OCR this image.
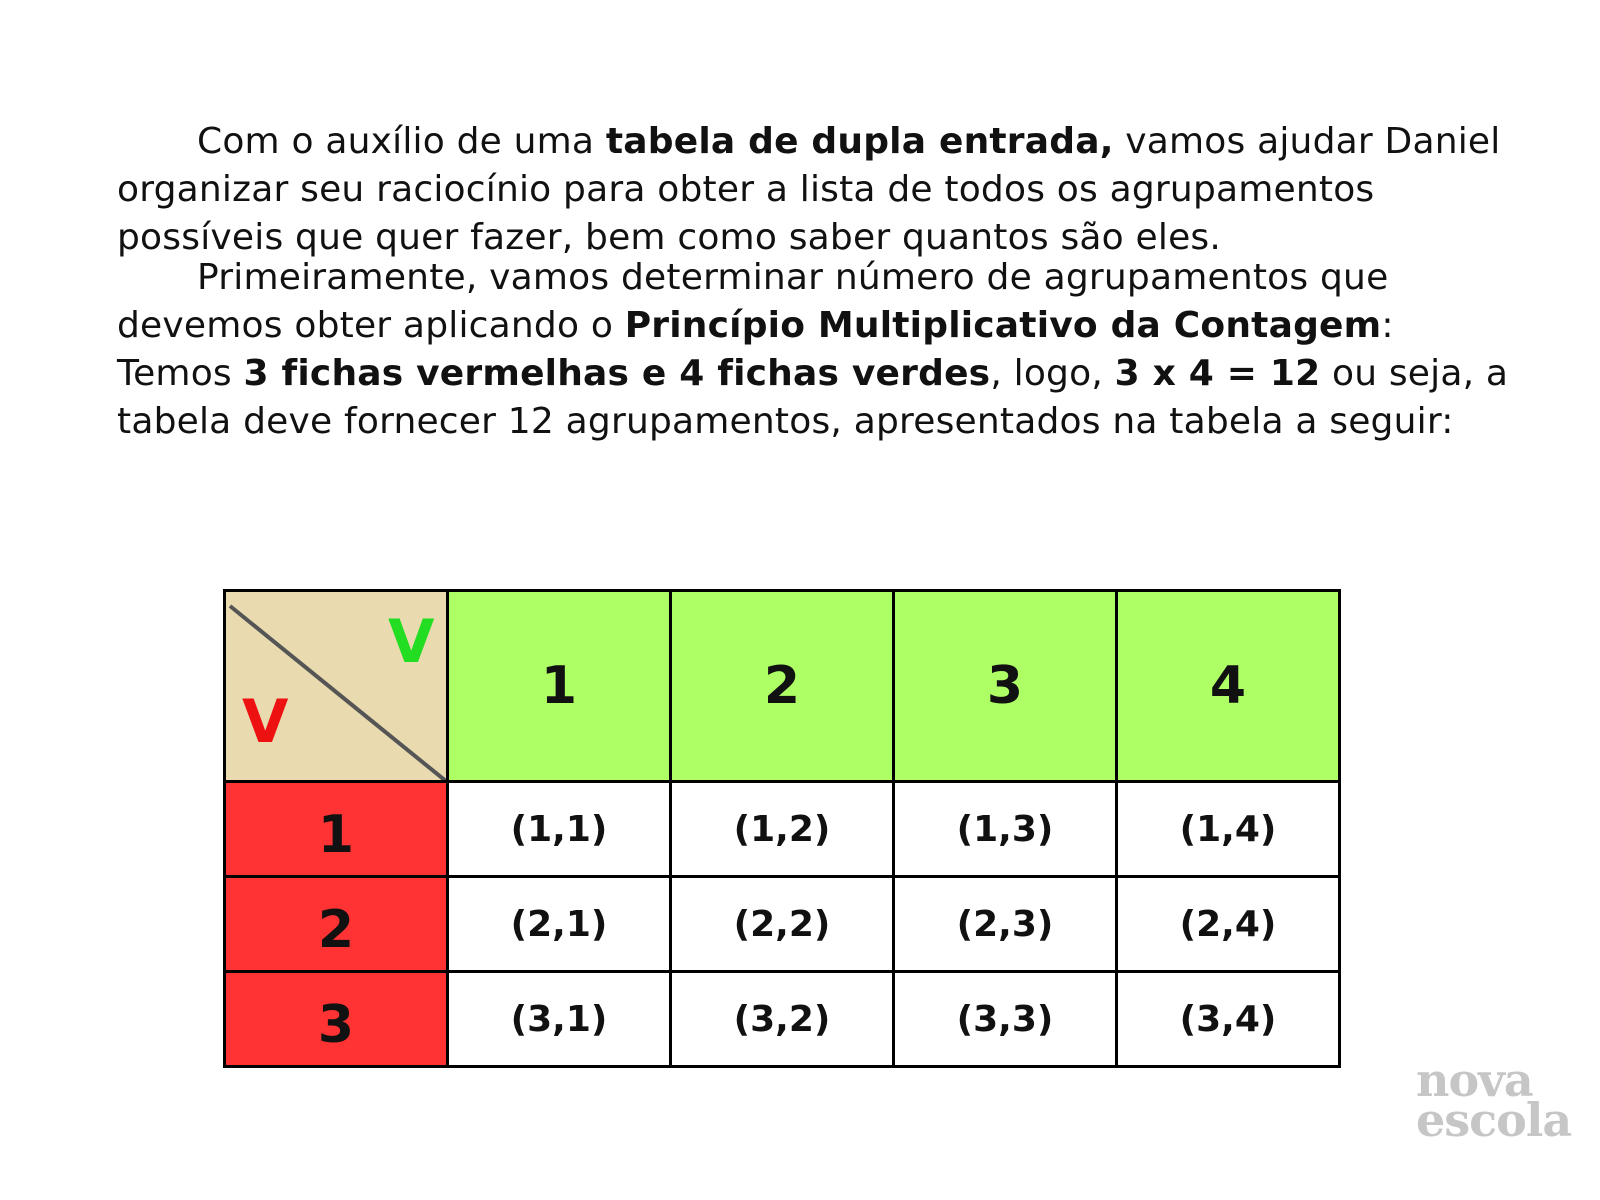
Com o auxílio de uma tabela de dupla entrada, vamos ajudar Daniel organizar seu raciocínio para obter a lista de todos os agrupamentos possíveis que quer fazer, bem como saber quantos são eles.

Primeiramente, vamos determinar número de agrupamentos que devemos obter aplicando o Princípio Multiplicativo da Contagem: Temos 3 fichas vermelhas e 4 fichas verdes, logo, 3 x 4 = 12 ou seja, a tabela deve fornecer 12 agrupamentos, apresentados na tabela a seguir:

V
V	1	2	3	4
1	(1,1)	(1,2)	(1,3)	(1,4)
2	(2,1)	(2,2)	(2,3)	(2,4)
3	(3,1)	(3,2)	(3,3)	(3,4)
nova
escola
